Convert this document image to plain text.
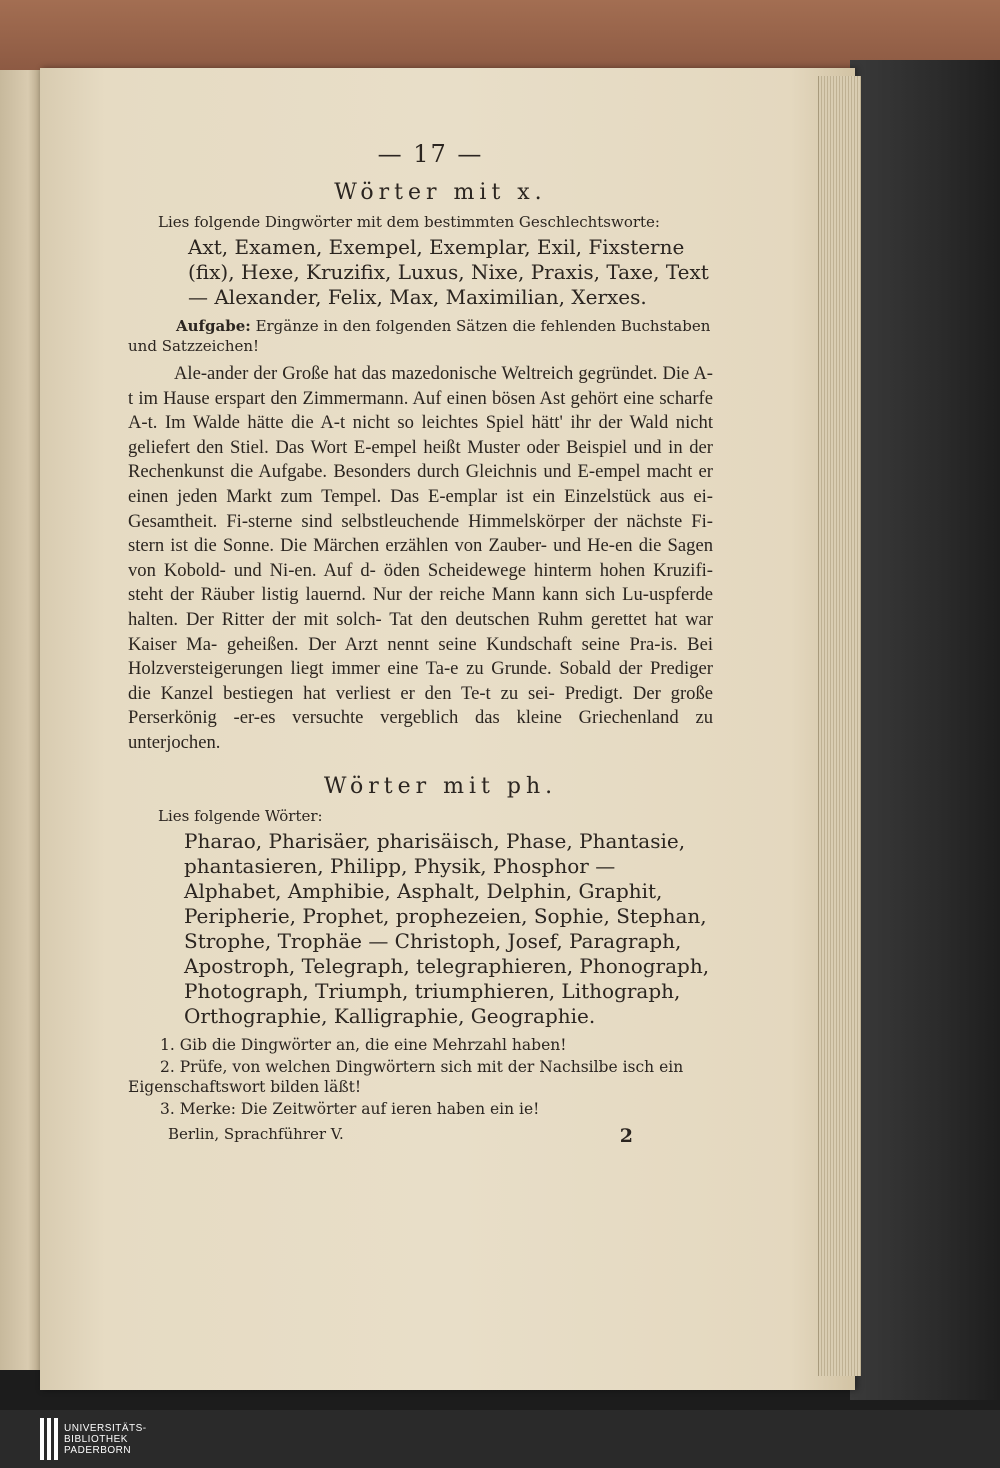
— 17 —
Wörter mit x.

Lies folgende Dingwörter mit dem bestimmten Geschlechtsworte:

Axt, Examen, Exempel, Exemplar, Exil, Fixsterne (fix), Hexe, Kruzifix, Luxus, Nixe, Praxis, Taxe, Text — Alexander, Felix, Max, Maximilian, Xerxes.

Aufgabe: Ergänze in den folgenden Sätzen die fehlenden Buchstaben und Satzzeichen!

Ale-ander der Große hat das mazedonische Weltreich gegründet. Die A-t im Hause erspart den Zimmermann. Auf einen bösen Ast gehört eine scharfe A-t. Im Walde hätte die A-t nicht so leichtes Spiel hätt' ihr der Wald nicht geliefert den Stiel. Das Wort E-empel heißt Muster oder Beispiel und in der Rechenkunst die Aufgabe. Besonders durch Gleichnis und E-empel macht er einen jeden Markt zum Tempel. Das E-emplar ist ein Einzelstück aus ei- Gesamtheit. Fi-sterne sind selbstleuchende Himmelskörper der nächste Fi-stern ist die Sonne. Die Märchen erzählen von Zauber- und He-en die Sagen von Kobold- und Ni-en. Auf d- öden Scheidewege hinterm hohen Kruzifi- steht der Räuber listig lauernd. Nur der reiche Mann kann sich Lu-uspferde halten. Der Ritter der mit solch- Tat den deutschen Ruhm gerettet hat war Kaiser Ma- geheißen. Der Arzt nennt seine Kundschaft seine Pra-is. Bei Holzversteigerungen liegt immer eine Ta-e zu Grunde. Sobald der Prediger die Kanzel bestiegen hat verliest er den Te-t zu sei- Predigt. Der große Perserkönig -er-es versuchte vergeblich das kleine Griechenland zu unterjochen.

Wörter mit ph.

Lies folgende Wörter:

Pharao, Pharisäer, pharisäisch, Phase, Phantasie, phantasieren, Philipp, Physik, Phosphor — Alphabet, Amphibie, Asphalt, Delphin, Graphit, Peripherie, Prophet, prophezeien, Sophie, Stephan, Strophe, Trophäe — Christoph, Josef, Paragraph, Apostroph, Telegraph, telegraphieren, Phonograph, Photograph, Triumph, triumphieren, Lithograph, Orthographie, Kalligraphie, Geographie.

1. Gib die Dingwörter an, die eine Mehrzahl haben!
2. Prüfe, von welchen Dingwörtern sich mit der Nachsilbe isch ein Eigenschaftswort bilden läßt!
3. Merke: Die Zeitwörter auf ieren haben ein ie!
Berlin, Sprachführer V.	2
UNIVERSITÄTS-
BIBLIOTHEK
PADERBORN
